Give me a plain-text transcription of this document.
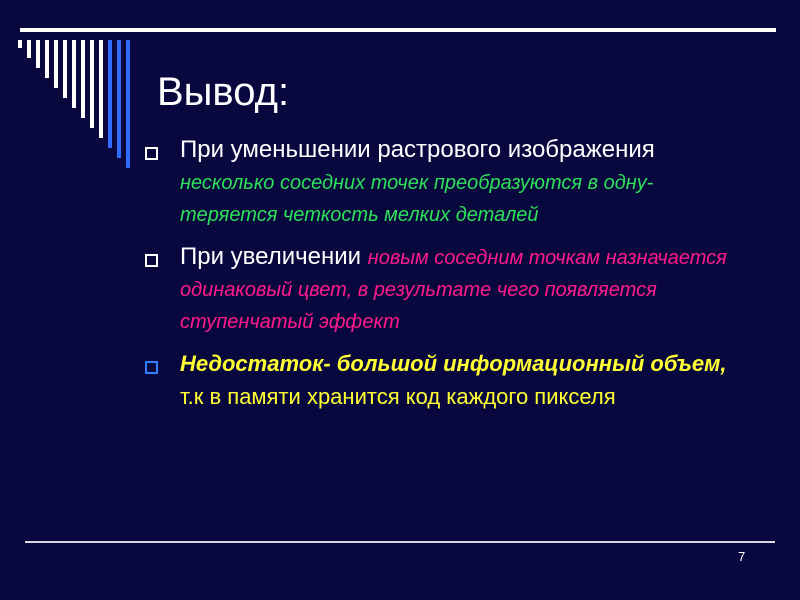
Вывод:
При уменьшении растрового изображения несколько соседних точек преобразуются в одну- теряется четкость мелких деталей
При увеличении новым соседним точкам назначается одинаковый цвет, в результате чего появляется ступенчатый эффект
Недостаток- большой информационный объем, т.к в памяти хранится код каждого пикселя
7
